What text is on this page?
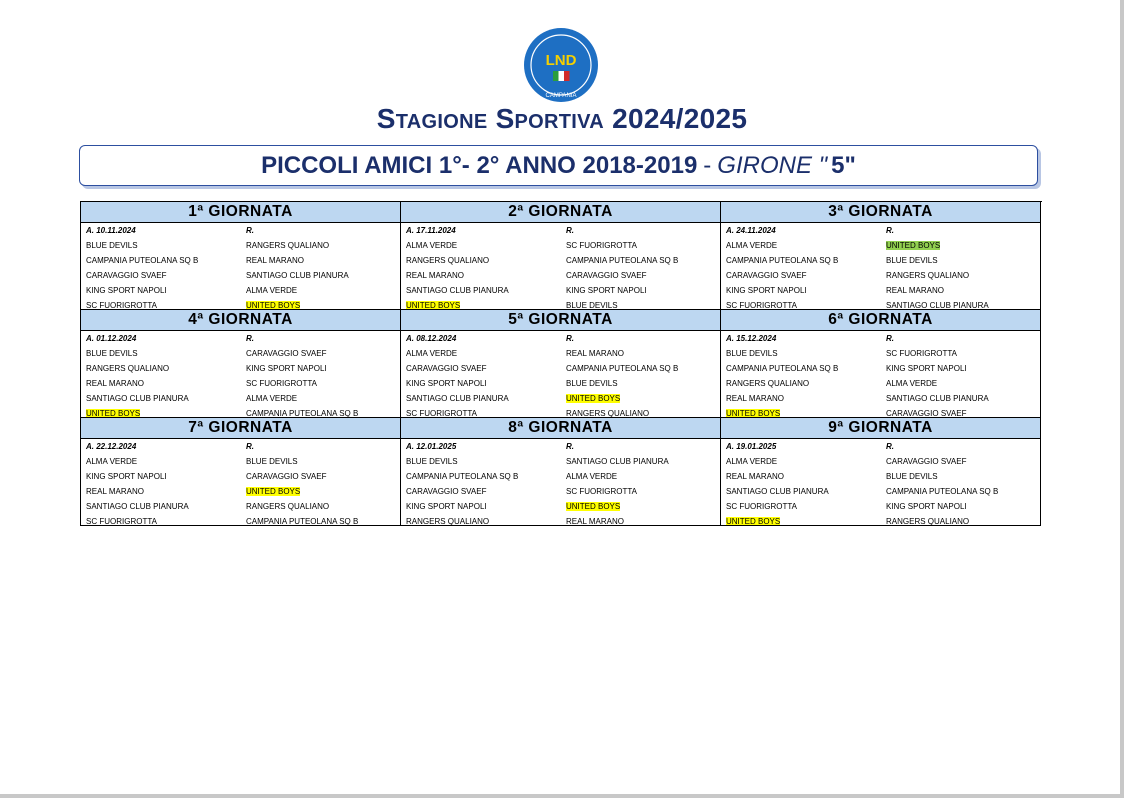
LND
CAMPANIA
Stagione Sportiva 2024/2025
PICCOLI AMICI 1°- 2° ANNO 2018-2019 - GIRONE " 5"
1ª GIORNATA
A. 10.11.2024	R.
BLUE DEVILS	RANGERS QUALIANO
CAMPANIA PUTEOLANA SQ B	REAL MARANO
CARAVAGGIO SVAEF	SANTIAGO CLUB PIANURA
KING SPORT NAPOLI	ALMA VERDE
SC FUORIGROTTA	UNITED BOYS
2ª GIORNATA
A. 17.11.2024	R.
ALMA VERDE	SC FUORIGROTTA
RANGERS QUALIANO	CAMPANIA PUTEOLANA SQ B
REAL MARANO	CARAVAGGIO SVAEF
SANTIAGO CLUB PIANURA	KING SPORT NAPOLI
UNITED BOYS	BLUE DEVILS
3ª GIORNATA
A. 24.11.2024	R.
ALMA VERDE	UNITED BOYS
CAMPANIA PUTEOLANA SQ B	BLUE DEVILS
CARAVAGGIO SVAEF	RANGERS QUALIANO
KING SPORT NAPOLI	REAL MARANO
SC FUORIGROTTA	SANTIAGO CLUB PIANURA
4ª GIORNATA
A. 01.12.2024	R.
BLUE DEVILS	CARAVAGGIO SVAEF
RANGERS QUALIANO	KING SPORT NAPOLI
REAL MARANO	SC FUORIGROTTA
SANTIAGO CLUB PIANURA	ALMA VERDE
UNITED BOYS	CAMPANIA PUTEOLANA SQ B
5ª GIORNATA
A. 08.12.2024	R.
ALMA VERDE	REAL MARANO
CARAVAGGIO SVAEF	CAMPANIA PUTEOLANA SQ B
KING SPORT NAPOLI	BLUE DEVILS
SANTIAGO CLUB PIANURA	UNITED BOYS
SC FUORIGROTTA	RANGERS QUALIANO
6ª GIORNATA
A. 15.12.2024	R.
BLUE DEVILS	SC FUORIGROTTA
CAMPANIA PUTEOLANA SQ B	KING SPORT NAPOLI
RANGERS QUALIANO	ALMA VERDE
REAL MARANO	SANTIAGO CLUB PIANURA
UNITED BOYS	CARAVAGGIO SVAEF
7ª GIORNATA
A. 22.12.2024	R.
ALMA VERDE	BLUE DEVILS
KING SPORT NAPOLI	CARAVAGGIO SVAEF
REAL MARANO	UNITED BOYS
SANTIAGO CLUB PIANURA	RANGERS QUALIANO
SC FUORIGROTTA	CAMPANIA PUTEOLANA SQ B
8ª GIORNATA
A. 12.01.2025	R.
BLUE DEVILS	SANTIAGO CLUB PIANURA
CAMPANIA PUTEOLANA SQ B	ALMA VERDE
CARAVAGGIO SVAEF	SC FUORIGROTTA
KING SPORT NAPOLI	UNITED BOYS
RANGERS QUALIANO	REAL MARANO
9ª GIORNATA
A. 19.01.2025	R.
ALMA VERDE	CARAVAGGIO SVAEF
REAL MARANO	BLUE DEVILS
SANTIAGO CLUB PIANURA	CAMPANIA PUTEOLANA SQ B
SC FUORIGROTTA	KING SPORT NAPOLI
UNITED BOYS	RANGERS QUALIANO
